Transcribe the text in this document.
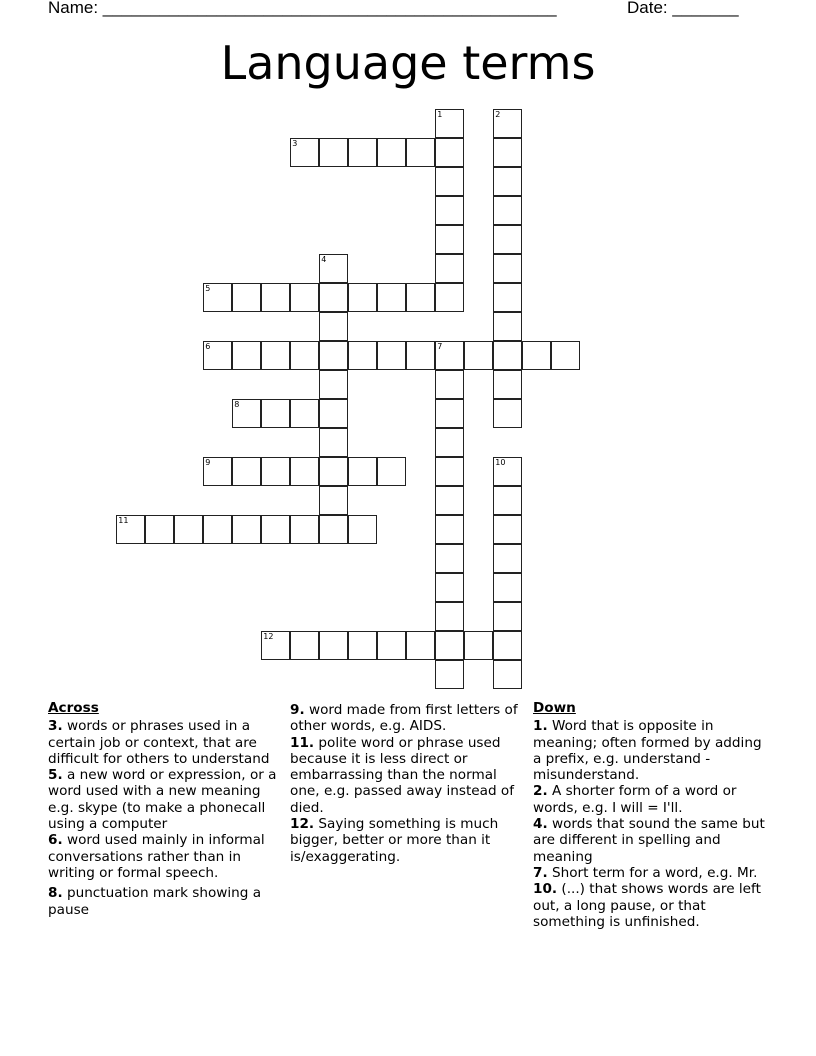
Name: ________________________________________________	Date: _______
Language terms
1	2
3
4
5
6	7
8
9	10
11
12
Across
3. words or phrases used in a certain job or context, that are difficult for others to understand
5. a new word or expression, or a word used with a new meaning e.g. skype (to make a phonecall using a computer
6. word used mainly in informal conversations rather than in writing or formal speech.
8. punctuation mark showing a pause
9. word made from first letters of other words, e.g. AIDS.
11. polite word or phrase used because it is less direct or embarrassing than the normal one, e.g. passed away instead of died.
12. Saying something is much bigger, better or more than it is/exaggerating.
Down
1. Word that is opposite in meaning; often formed by adding a prefix, e.g. understand - misunderstand.
2. A shorter form of a word or words, e.g. I will = I'll.
4. words that sound the same but are different in spelling and meaning
7. Short term for a word, e.g. Mr.
10. (...) that shows words are left out, a long pause, or that something is unfinished.
